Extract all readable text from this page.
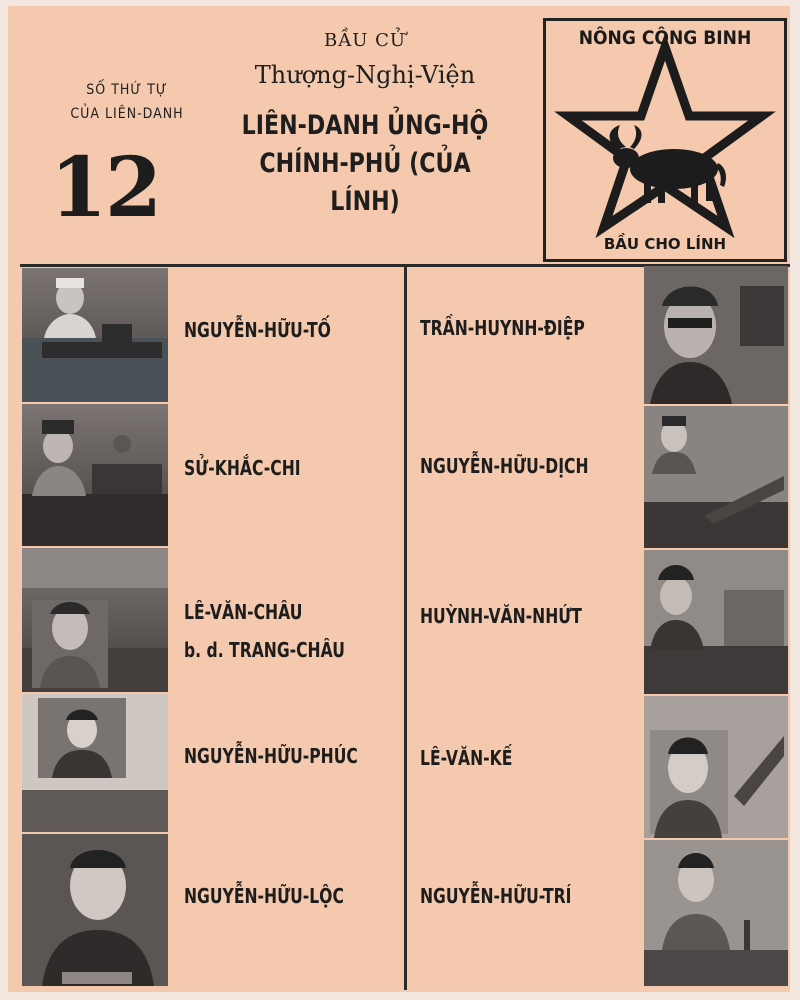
SỐ THỨ TỰ
CỦA LIÊN-DANH
12
BẦU CỬ
Thượng-Nghị-Viện
LIÊN-DANH ỦNG-HỘ
CHÍNH-PHỦ (CỦA LÍNH)
NÔNG CÔNG BINH
BẦU CHO LÍNH
NGUYỄN-HỮU-TỐ
SỬ-KHẮC-CHI
LÊ-VĂN-CHÂU
b. d. TRANG-CHÂU
NGUYỄN-HỮU-PHÚC
NGUYỄN-HỮU-LỘC
TRẦN-HUYNH-ĐIỆP
NGUYỄN-HỮU-DỊCH
HUỲNH-VĂN-NHỨT
LÊ-VĂN-KẾ
NGUYỄN-HỮU-TRÍ
